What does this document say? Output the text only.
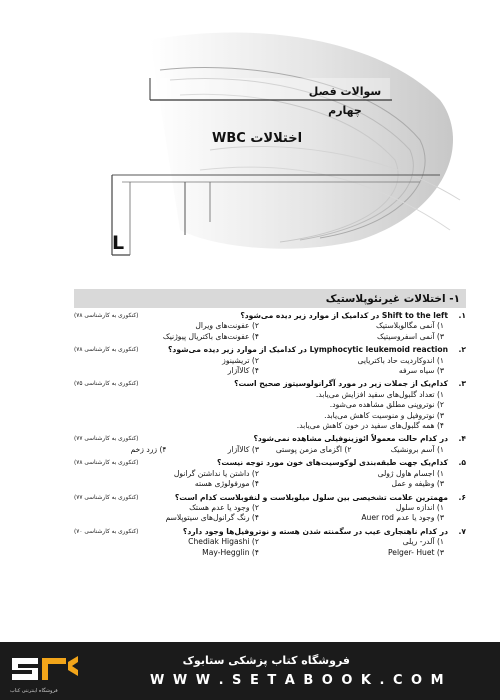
سوالات فصل چهارم
اختلالات WBC
L
۱- اختلالات غیرنئوپلاستیک
۱.
(کنکوری به کارشناسی ۷۸)	Shift to the left در کدامیک از موارد زیر دیده می‌شود؟
۱) آنمی مگالوبلاستیک
۲) عفونت‌های ویرال
۳) آنمی اسفروسیتیک
۴) عفونت‌های باکتریال پیوژنیک
۲.
(کنکوری به کارشناسی ۷۸)	Lymphocytic leukemoid reaction در کدامیک از موارد زیر دیده می‌شود؟
۱) اندوکاردیت حاد باکتریایی
۲) تریشینوز
۳) سیاه سرفه
۴) کالاآزار
۳.
(کنکوری به کارشناسی ۷۵)	کدام‌یک از جملات زیر در مورد آگرانولوسیتوز صحیح است؟
۱) تعداد گلبول‌های سفید افزایش می‌یابد.
۲) نوتروپنی مطلق مشاهده می‌شود.
۳) نوتروفیل و منوسیت کاهش می‌یابد.
۴) همه گلبول‌های سفید در خون کاهش می‌یابد.
۴.
(کنکوری به کارشناسی ۷۷)	در کدام حالت معمولاً ائوزینوفیلی مشاهده نمی‌شود؟
۱) آسم برونشیک
۲) اگزمای مزمن پوستی
۳) کالاآزار
۴) زرد زخم
۵.
(کنکوری به کارشناسی ۷۸)	کدام‌یک جهت طبقه‌بندی لوکوسیت‌های خون مورد توجه نیست؟
۱) اجسام هاول ژولی
۲) داشتن یا نداشتن گرانول
۳) وظیفه و عمل
۴) مورفولوژی هسته
۶.
(کنکوری به کارشناسی ۷۷)	مهمترین علامت تشخیصی بین سلول میلوبلاست و لنفوبلاست کدام است؟
۱) اندازه سلول
۲) وجود یا عدم هستک
۳) وجود یا عدم Auer rod
۴) رنگ گرانول‌های سیتوپلاسم
۷.
(کنکوری به کارشناسی ۷۰)	در کدام ناهنجاری عیب در سگمنته شدن هسته و نوتروفیل‌ها وجود دارد؟
۱) آلدر- ریلی
۲) Chediak Higashi
۳) Pelger- Huet
۴) May-Hegglin
فروشگاه اینترنتی کتاب
فروشگاه کتاب پزشکی ستابوک
W W W . S E T A B O O K . C O M
